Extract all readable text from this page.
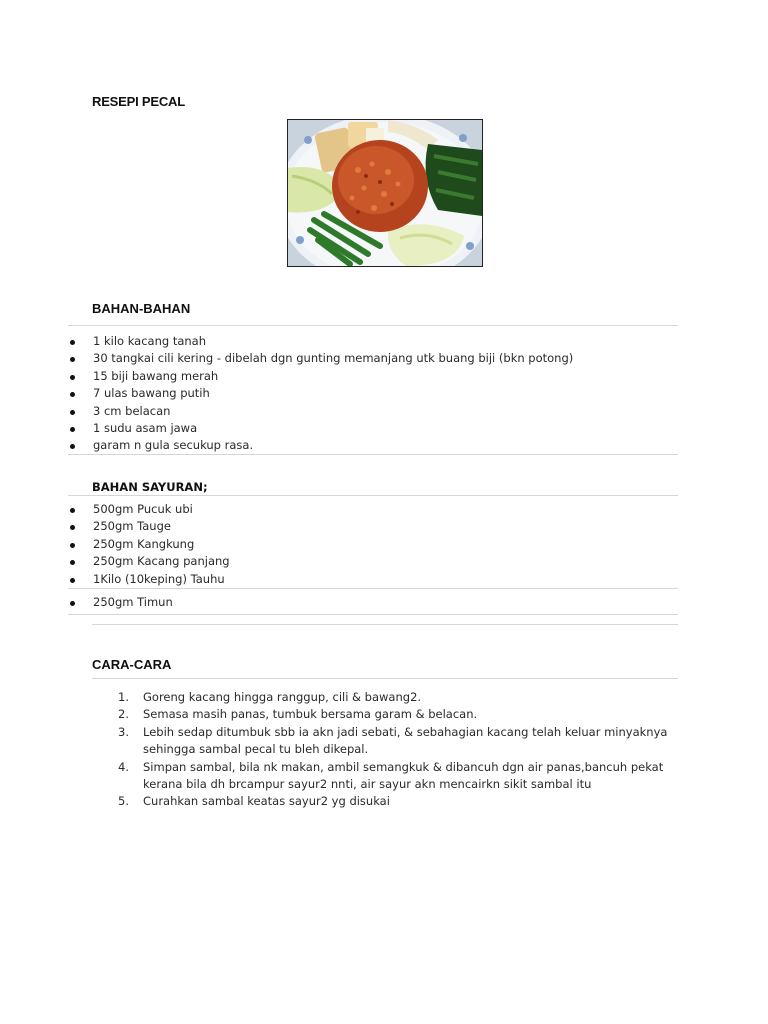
RESEPI PECAL
BAHAN-BAHAN
1 kilo kacang tanah
30 tangkai cili kering - dibelah dgn gunting memanjang utk buang biji (bkn potong)
15 biji bawang merah
7 ulas bawang putih
3 cm belacan
1 sudu asam jawa
garam n gula secukup rasa.
BAHAN SAYURAN;
500gm Pucuk ubi
250gm Tauge
250gm Kangkung
250gm Kacang panjang
1Kilo (10keping) Tauhu
250gm Timun
CARA-CARA
1. Goreng kacang hingga ranggup, cili & bawang2.
2. Semasa masih panas, tumbuk bersama garam & belacan.
3. Lebih sedap ditumbuk sbb ia akn jadi sebati, & sebahagian kacang telah keluar minyaknya sehingga sambal pecal tu bleh dikepal.
4. Simpan sambal, bila nk makan, ambil semangkuk & dibancuh dgn air panas,bancuh pekat kerana bila dh brcampur sayur2 nnti, air sayur akn mencairkn sikit sambal itu
5. Curahkan sambal keatas sayur2 yg disukai
